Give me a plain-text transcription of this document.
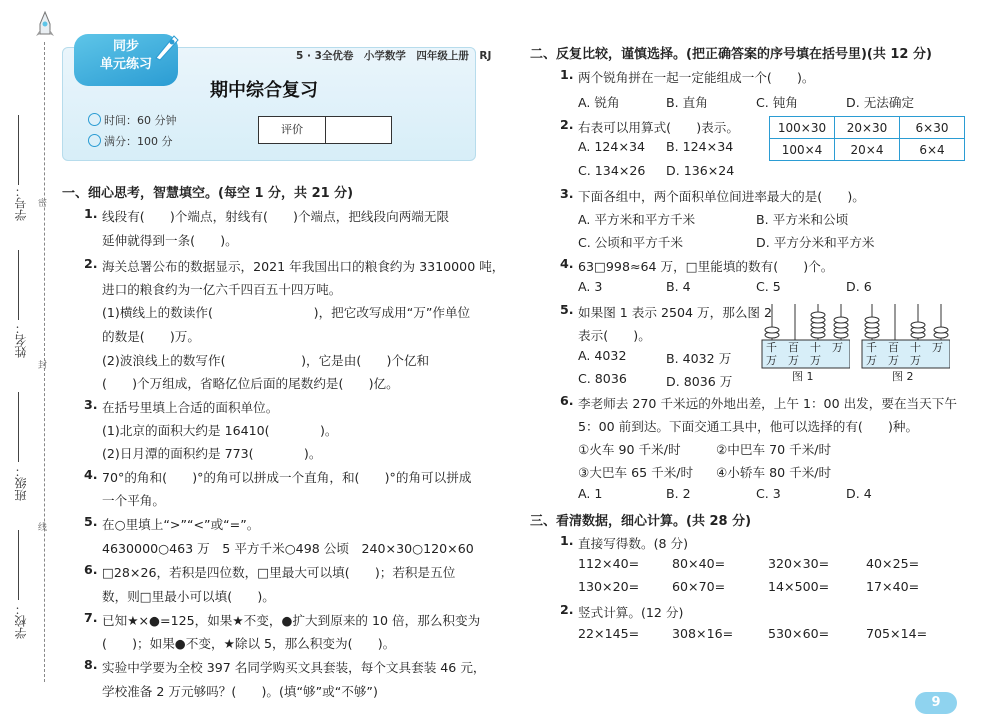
学号： 密
姓名：
封
班级：
线
学校：
同步
单元练习
5 · 3全优卷　小学数学　四年级上册　RJ
期中综合复习
时间：60 分钟
满分：100 分
评价
一、细心思考，智慧填空。(每空 1 分，共 21 分)
1. 线段有(　　)个端点，射线有(　　)个端点，把线段向两端无限
延伸就得到一条(　　)。
2. 海关总署公布的数据显示，2021 年我国出口的粮食约为 3310000 吨，
进口的粮食约为一亿六千四百五十四万吨。
(1)横线上的数读作(　　　　　　　　)，把它改写成用“万”作单位
的数是(　　)万。
(2)波浪线上的数写作(　　　　　　)，它是由(　　)个亿和
(　　)个万组成，省略亿位后面的尾数约是(　　)亿。
3. 在括号里填上合适的面积单位。
(1)北京的面积大约是 16410(　　　　)。
(2)日月潭的面积约是 773(　　　　)。
4. 70°的角和(　　)°的角可以拼成一个直角，和(　　)°的角可以拼成
一个平角。
5. 在○里填上“>”“<”或“=”。
4630000○463 万　5 平方千米○498 公顷　240×30○120×60
6. □28×26，若积是四位数，□里最大可以填(　　)；若积是五位
数，则□里最小可以填(　　)。
7. 已知★×●=125，如果★不变，●扩大到原来的 10 倍，那么积变为
(　　)；如果●不变，★除以 5，那么积变为(　　)。
8. 实验中学要为全校 397 名同学购买文具套装，每个文具套装 46 元，
学校准备 2 万元够吗？(　　)。(填“够”或“不够”)
二、反复比较，谨慎选择。(把正确答案的序号填在括号里)(共 12 分)
1. 两个锐角拼在一起一定能组成一个(　　)。
A. 锐角	B. 直角	C. 钝角	D. 无法确定
2. 右表可以用算式(　　)表示。
A. 124×34 B. 124×34
C. 134×26 D. 136×24
100×30	20×30	6×30
100×4	20×4	6×4
3. 下面各组中，两个面积单位间进率最大的是(　　)。
A. 平方米和平方千米	B. 平方米和公顷
C. 公顷和平方千米	D. 平方分米和平方米
4. 63□998≈64 万，□里能填的数有(　　)个。
A. 3	B. 4	C. 5	D. 6
5. 如果图 1 表示 2504 万，那么图 2
表示(　　)。
A. 4032	B. 4032 万
C. 8036	D. 8036 万
千　 百　 十　 万
万　 万　 万
图 1
千　 百　 十　 万
万　 万　 万
图 2
6. 李老师去 270 千米远的外地出差，上午 1：00 出发，要在当天下午
5：00 前到达。下面交通工具中，他可以选择的有(　　)种。
①火车 90 千米/时	②中巴车 70 千米/时
③大巴车 65 千米/时 ④小轿车 80 千米/时
A. 1	B. 2	C. 3	D. 4
三、看清数据，细心计算。(共 28 分)
1. 直接写得数。(8 分)
112×40=	80×40=	320×30=	40×25=
130×20=	60×70=	14×500=	17×40=
2. 竖式计算。(12 分)
22×145=	308×16=	530×60=	705×14=
9
